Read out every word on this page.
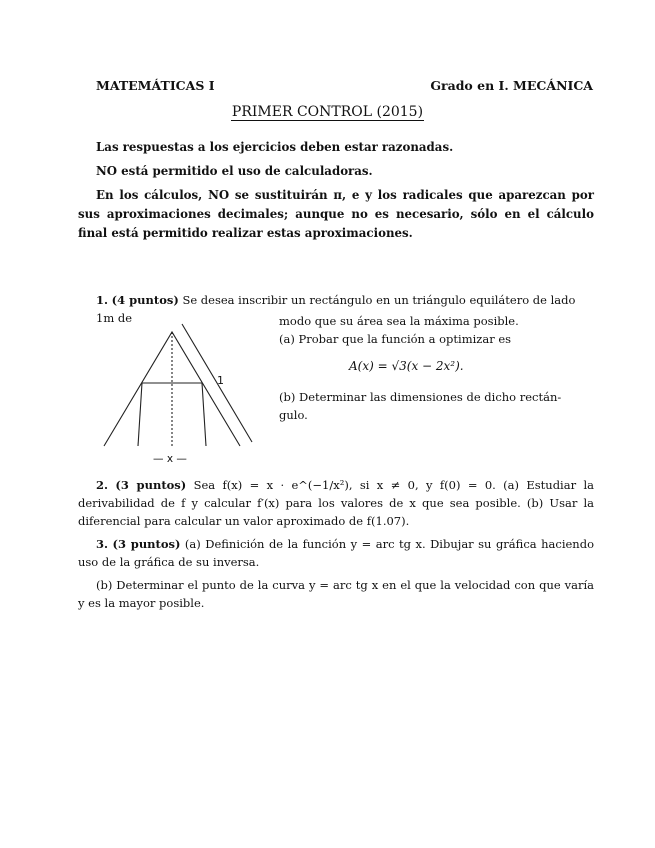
MATEMÁTICAS I	Grado en I. MECÁNICA
PRIMER CONTROL (2015)

Las respuestas a los ejercicios deben estar razonadas.

NO está permitido el uso de calculadoras.

En los cálculos, NO se sustituirán π, e y los radicales que aparezcan por sus aproximaciones decimales; aunque no es necesario, sólo en el cálculo final está permitido realizar estas aproximaciones.

1. (4 puntos) Se desea inscribir un rectángulo en un triángulo equilátero de lado 1m de
1
— x —
modo que su área sea la máxima posible.
(a) Probar que la función a optimizar es
A(x) = √3(x − 2x²).
(b) Determinar las dimensiones de dicho rectán-
gulo.

2. (3 puntos) Sea f(x) = x · e^(−1/x²), si x ≠ 0, y f(0) = 0. (a) Estudiar la derivabilidad de f y calcular f′(x) para los valores de x que sea posible. (b) Usar la diferencial para calcular un valor aproximado de f(1.07).

3. (3 puntos) (a) Definición de la función y = arc tg x. Dibujar su gráfica haciendo uso de la gráfica de su inversa.

(b) Determinar el punto de la curva y = arc tg x en el que la velocidad con que varía y es la mayor posible.
